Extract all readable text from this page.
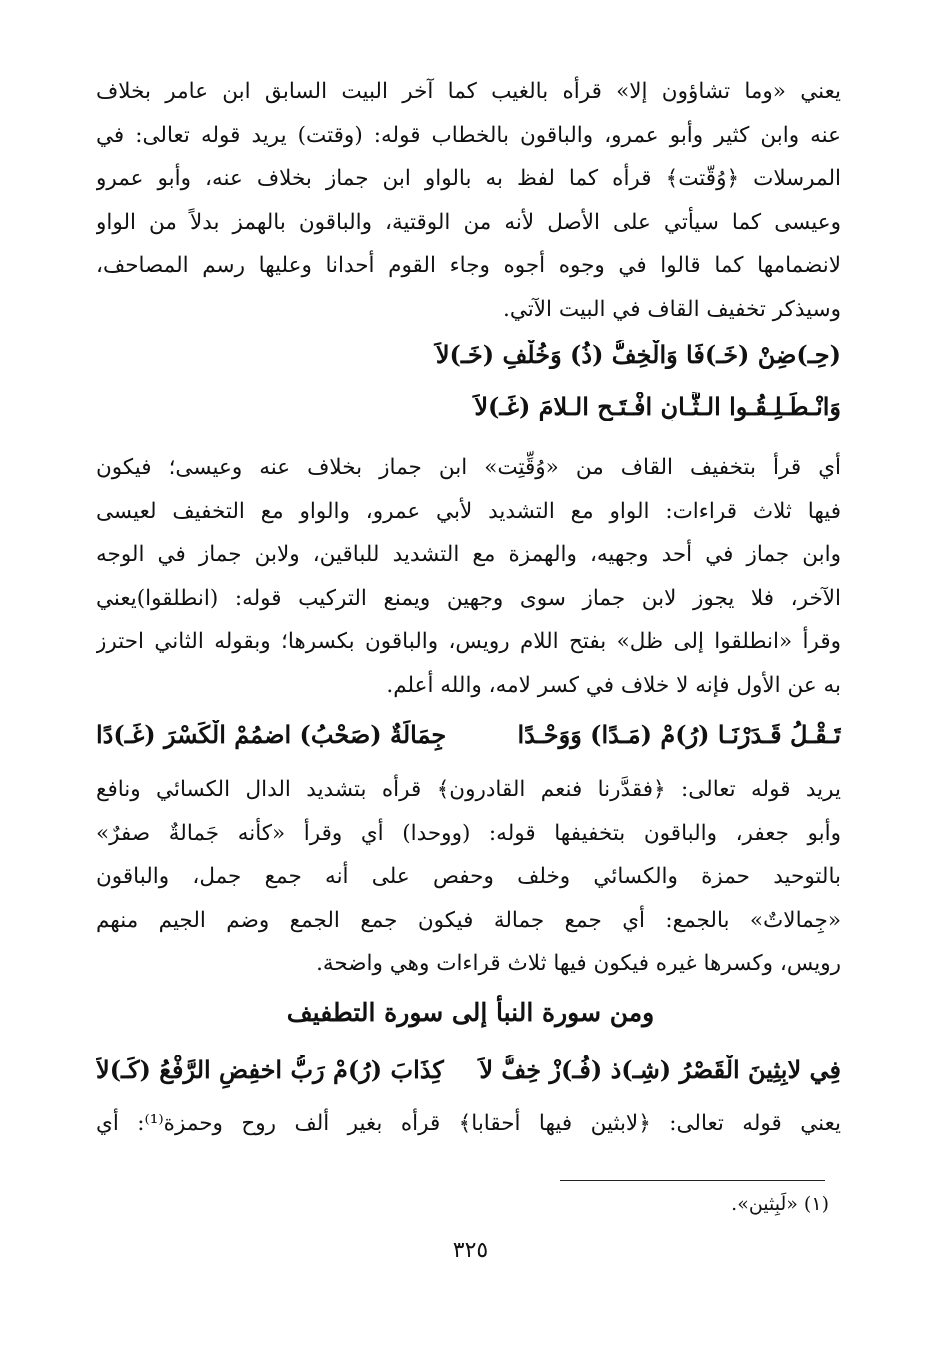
يعني «وما تشاؤون إلا» قرأه بالغيب كما آخر البيت السابق ابن عامر بخلاف
عنه وابن كثير وأبو عمرو، والباقون بالخطاب قوله: (وقتت) يريد قوله تعالى: في
المرسلات ﴿وُقّتت﴾ قرأه كما لفظ به بالواو ابن جماز بخلاف عنه، وأبو عمرو
وعيسى كما سيأتي على الأصل لأنه من الوقتية، والباقون بالهمز بدلاً من الواو
لانضمامها كما قالوا في وجوه أجوه وجاء القوم أحدانا وعليها رسم المصاحف،
وسيذكر تخفيف القاف في البيت الآتي.
(حِـ)ضِنْ (خَـ)فَا وَالْخِفُّ (ذُ) وَخُلْفِ (خَـ)لاَ
وَانْـطَـلِـقُـوا الـثَّـانِ افْـتَـحِ الـلامَ (غَـ)لاَ
أي قرأ بتخفيف القاف من «وُقِّتِت» ابن جماز بخلاف عنه وعيسى؛ فيكون
فيها ثلاث قراءات: الواو مع التشديد لأبي عمرو، والواو مع التخفيف لعيسى
وابن جماز في أحد وجهيه، والهمزة مع التشديد للباقين، ولابن جماز في الوجه
الآخر، فلا يجوز لابن جماز سوى وجهين ويمنع التركيب قوله: (انطلقوا)يعني
وقرأ «انطلقوا إلى ظل» بفتح اللام رويس، والباقون بكسرها؛ وبقوله الثاني احترز
به عن الأول فإنه لا خلاف في كسر لامه، والله أعلم.
تَـقْـلُ قَـدَرْنَـا (رُ)مْ (مَـدًا) وَوَحْـدًا
جِمَالَةٌ (صَحْبُ) اضمُمْ الْكَسْرَ (غَـ)دًا
يريد قوله تعالى: ﴿فقدَّرنا فنعم القادرون﴾ قرأه بتشديد الدال الكسائي ونافع
وأبو جعفر، والباقون بتخفيفها قوله: (ووحدا) أي وقرأ «كأنه جَمالةٌ صفرٌ»
بالتوحيد حمزة والكسائي وخلف وحفص على أنه جمع جمل، والباقون
«جِمالاتٌ» بالجمع: أي جمع جمالة فيكون جمع الجمع وضم الجيم منهم
رويس، وكسرها غيره فيكون فيها ثلاث قراءات وهي واضحة.
ومن سورة النبأ إلى سورة التطفيف
فِي لابِثِينَ الْقَصْرُ (شِـ)ذ (فُـ)زْ خِفُّ لاَ
كِذَابَ (رُ)مْ رَبُّ اخفِضِ الرَّفْعُ (كَـ)لاَ
يعني قوله تعالى: ﴿لابثين فيها أحقابا﴾ قرأه بغير ألف روح وحمزة⁽¹⁾: أي
(١) «لَبِثين».
٣٢٥
